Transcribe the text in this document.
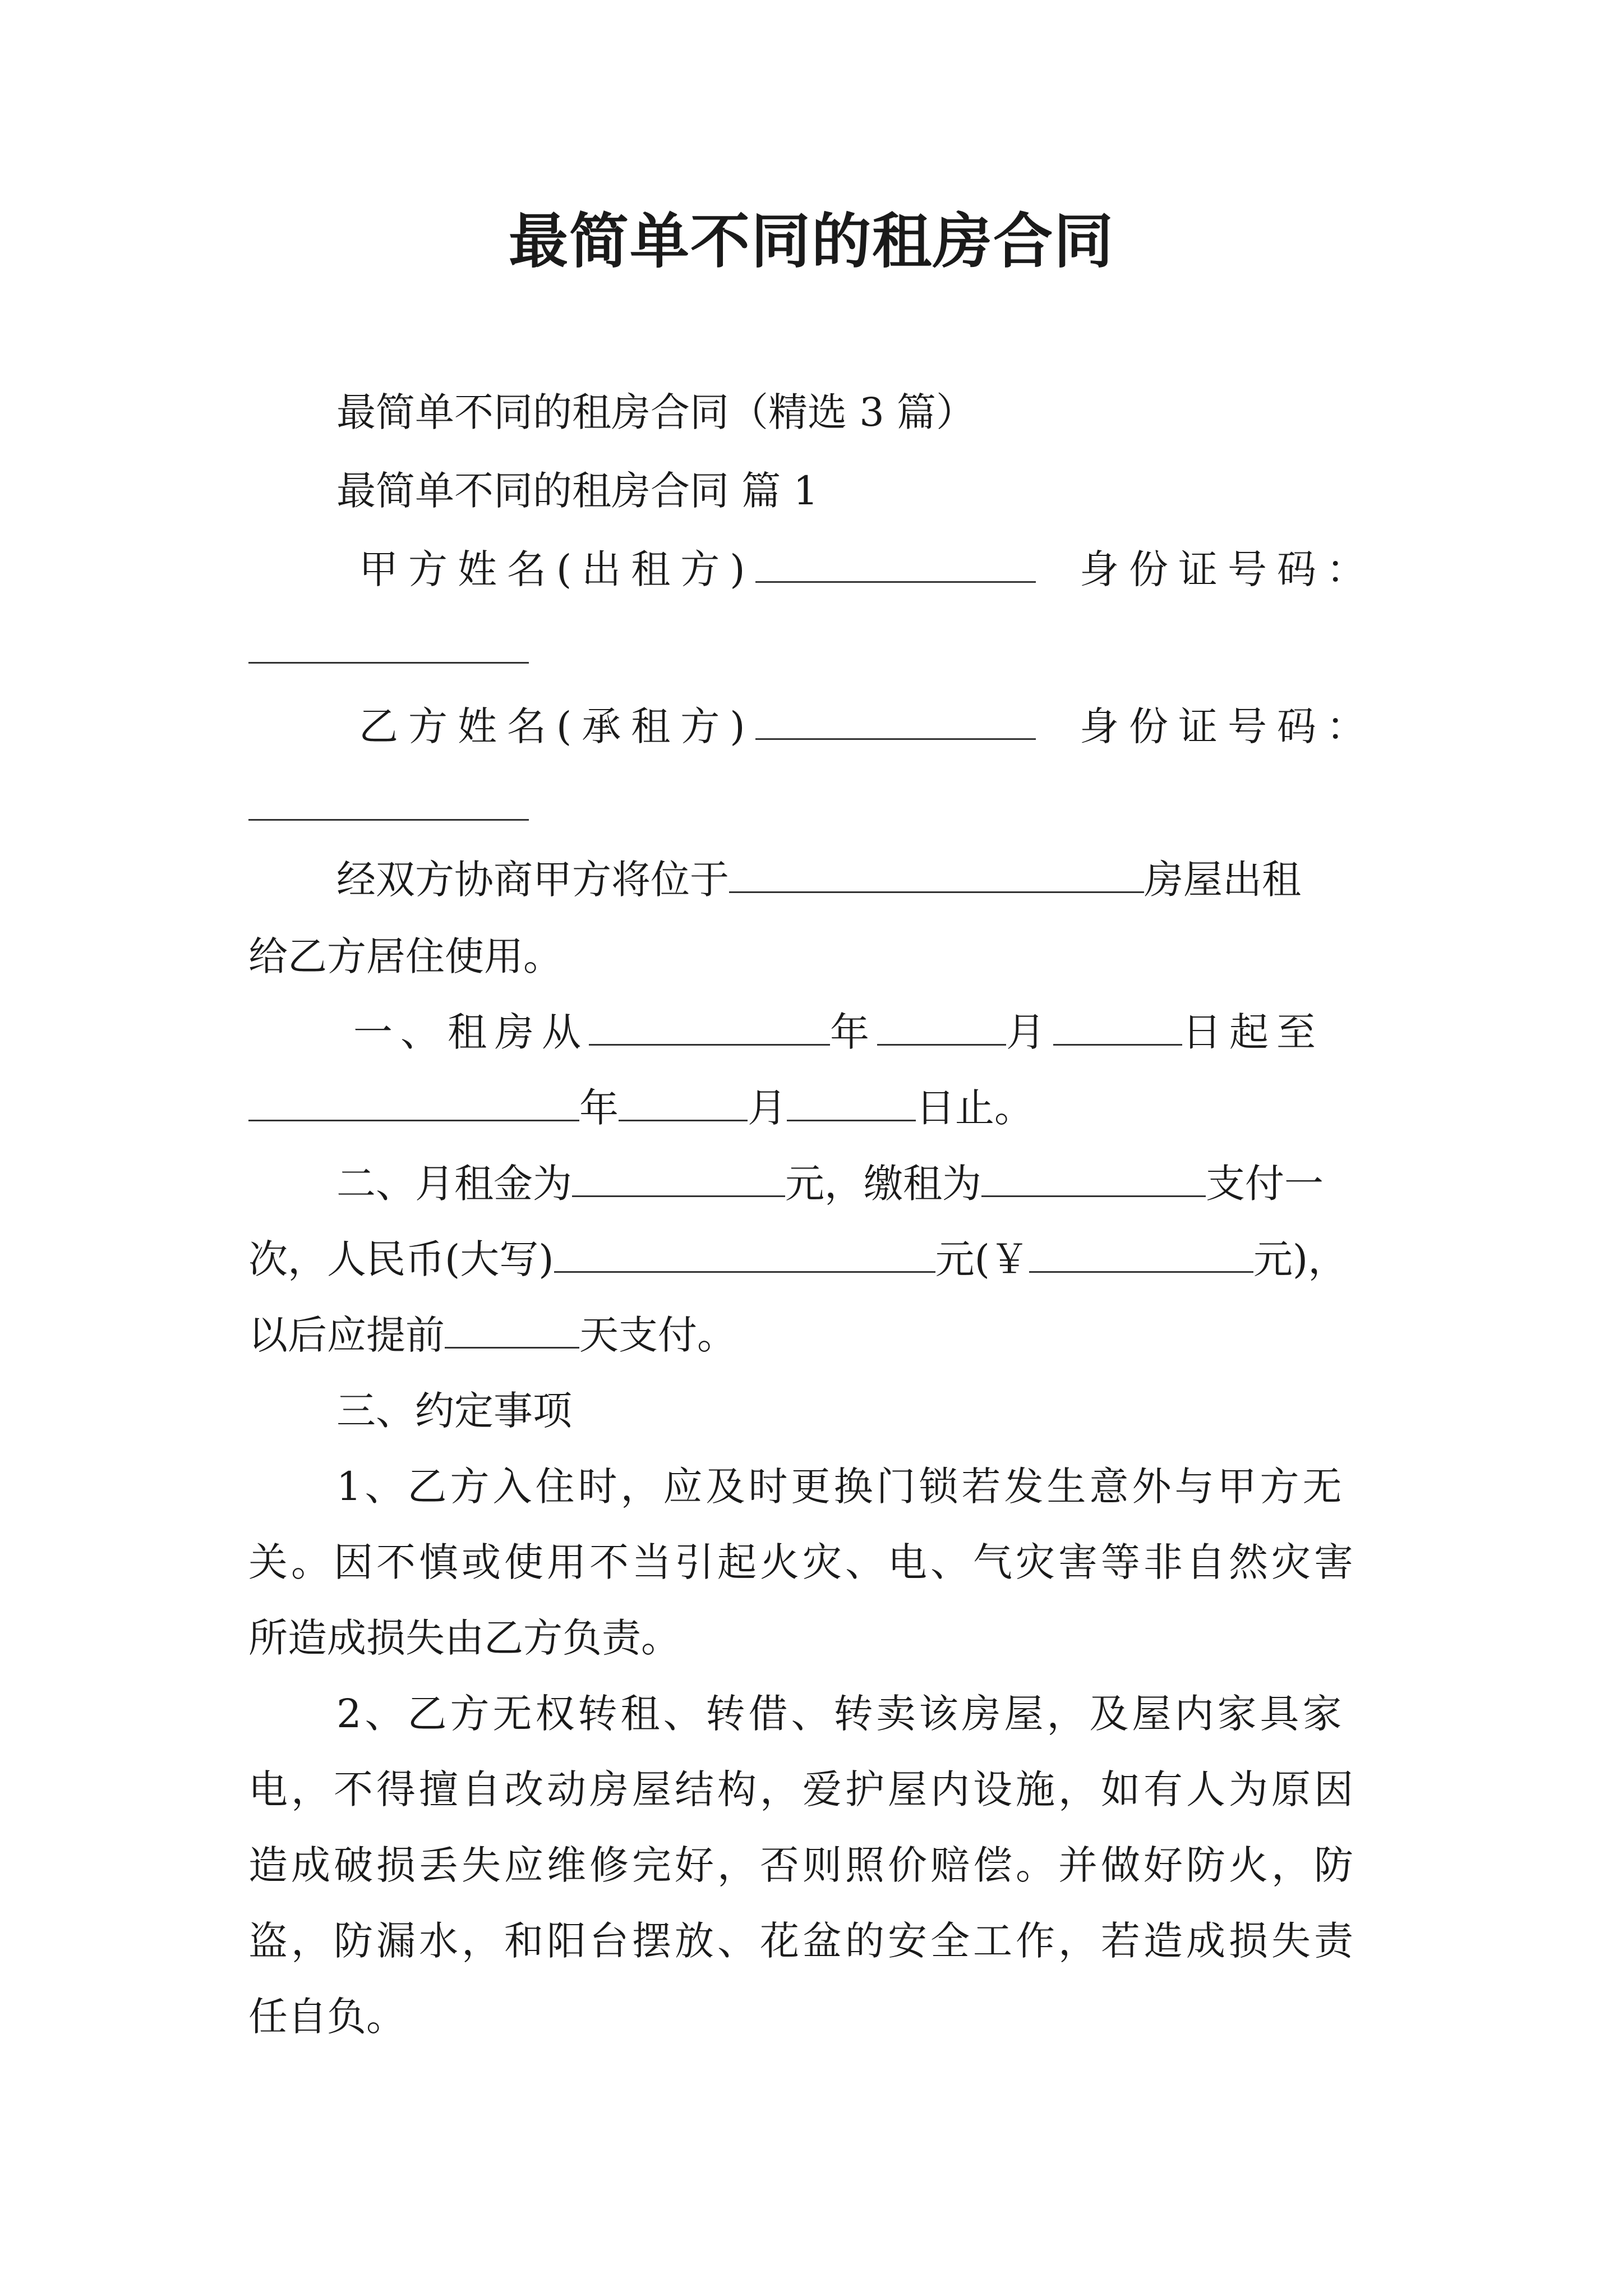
最简单不同的租房合同
最简单不同的租房合同（精选 3 篇）
最简单不同的租房合同 篇 1
甲方姓名(出租方)	身份证号码：
乙方姓名(承租方)	身份证号码：
经双方协商甲方将位于	房屋出租
给乙方居住使用。
一、租房从	年	月	日起至
年	月	日止。
二、月租金为	元，缴租为	支付一
次，人民币(大写)	元(￥	元)，
以后应提前	天支付。
三、约定事项
1、乙方入住时，应及时更换门锁若发生意外与甲方无
关。因不慎或使用不当引起火灾、电、气灾害等非自然灾害
所造成损失由乙方负责。
2、乙方无权转租、转借、转卖该房屋，及屋内家具家
电，不得擅自改动房屋结构，爱护屋内设施，如有人为原因
造成破损丢失应维修完好，否则照价赔偿。并做好防火，防
盗，防漏水，和阳台摆放、花盆的安全工作，若造成损失责
任自负。
